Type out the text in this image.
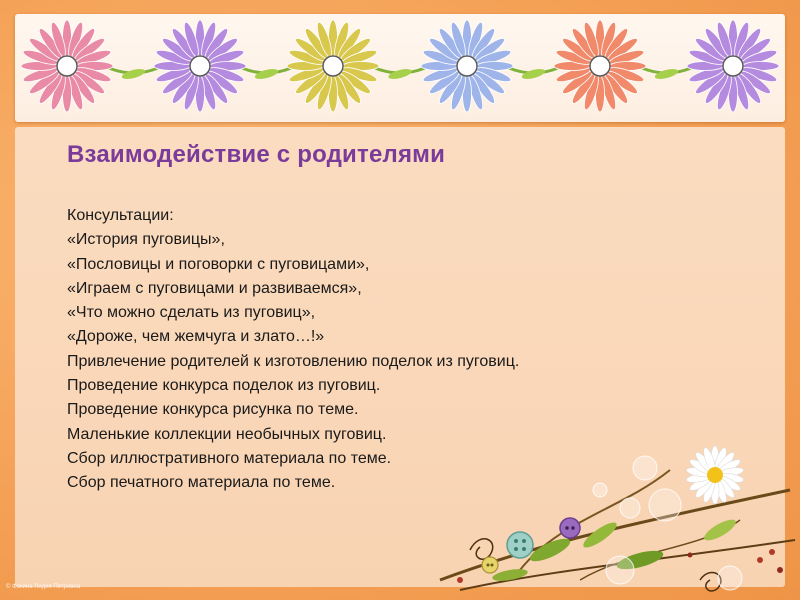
Взаимодействие с родителями
Консультации:
«История пуговицы»,
«Пословицы и поговорки с пуговицами»,
«Играем с пуговицами и развиваемся»,
«Что можно сделать из пуговиц»,
«Дороже, чем жемчуга и злато…!»
Привлечение родителей к изготовлению поделок из пуговиц.
Проведение конкурса поделок из пуговиц.
Проведение конкурса рисунка по теме.
Маленькие коллекции необычных пуговиц.
Сбор иллюстративного материала по теме.
Сбор печатного материала по теме.
© Фокина Лидия Петровна
